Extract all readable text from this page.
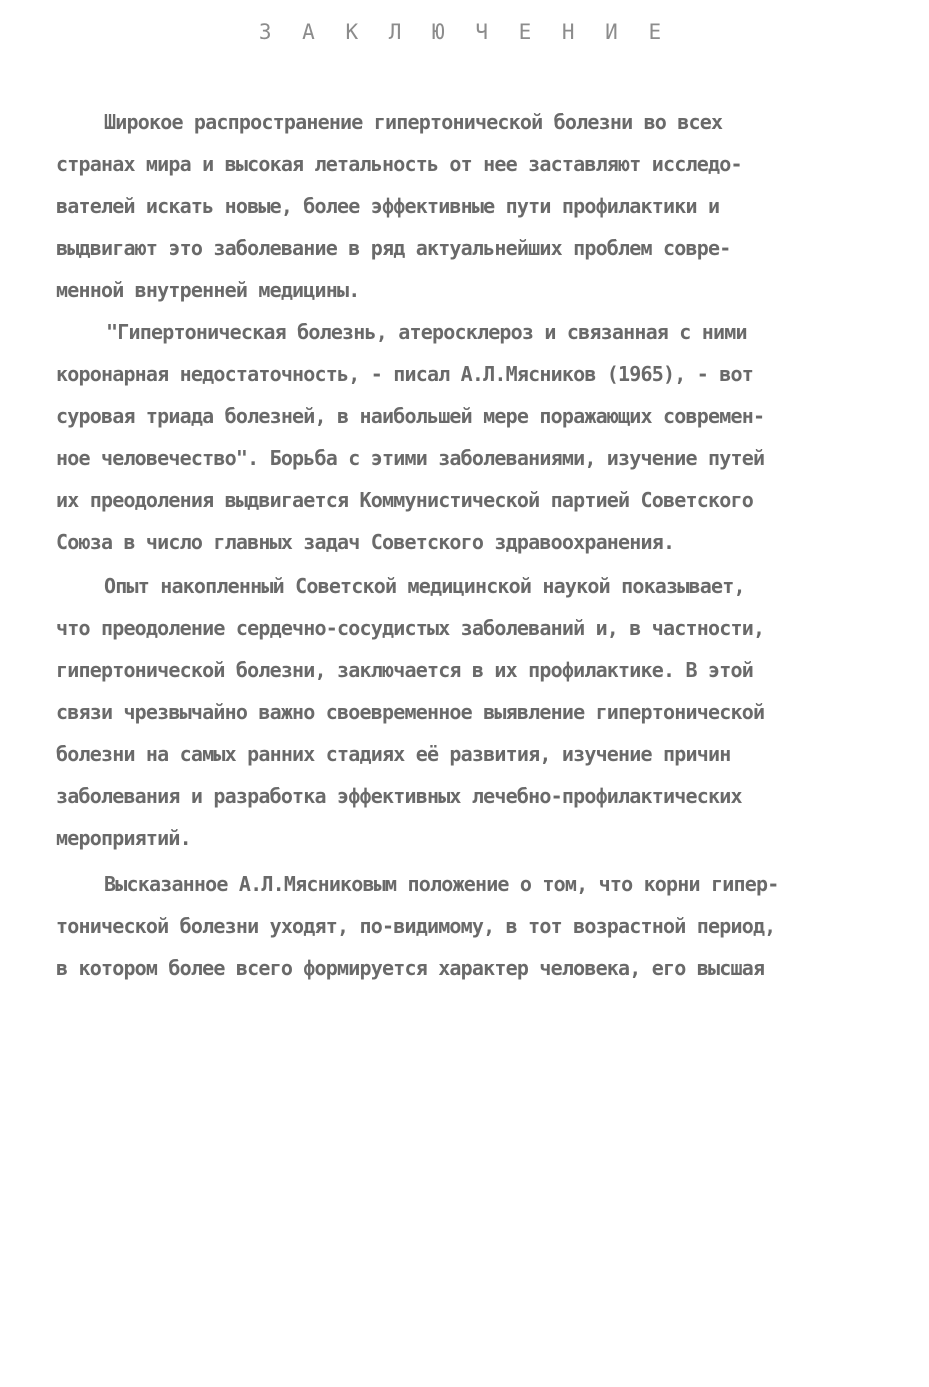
З А К Л Ю Ч Е Н И Е
Широкое распространение гипертонической болезни во всех
странах мира и высокая летальность от нее заставляют исследо-
вателей искать новые, более эффективные пути профилактики и
выдвигают это заболевание в ряд актуальнейших проблем совре-
менной внутренней медицины.
"Гипертоническая болезнь, атеросклероз и связанная с ними
коронарная недостаточность, - писал А.Л.Мясников (1965), - вот
суровая триада болезней, в наибольшей мере поражающих современ-
ное человечество". Борьба с этими заболеваниями, изучение путей
их преодоления выдвигается Коммунистической партией Советского
Союза в число главных задач Советского здравоохранения.
Опыт накопленный Советской медицинской наукой показывает,
что преодоление сердечно-сосудистых заболеваний и, в частности,
гипертонической болезни, заключается в их профилактике. В этой
связи чрезвычайно важно своевременное выявление гипертонической
болезни на самых ранних стадиях её развития, изучение причин
заболевания и разработка эффективных лечебно-профилактических
мероприятий.
Высказанное А.Л.Мясниковым положение о том, что корни гипер-
тонической болезни уходят, по-видимому, в тот возрастной период,
в котором более всего формируется характер человека, его высшая
